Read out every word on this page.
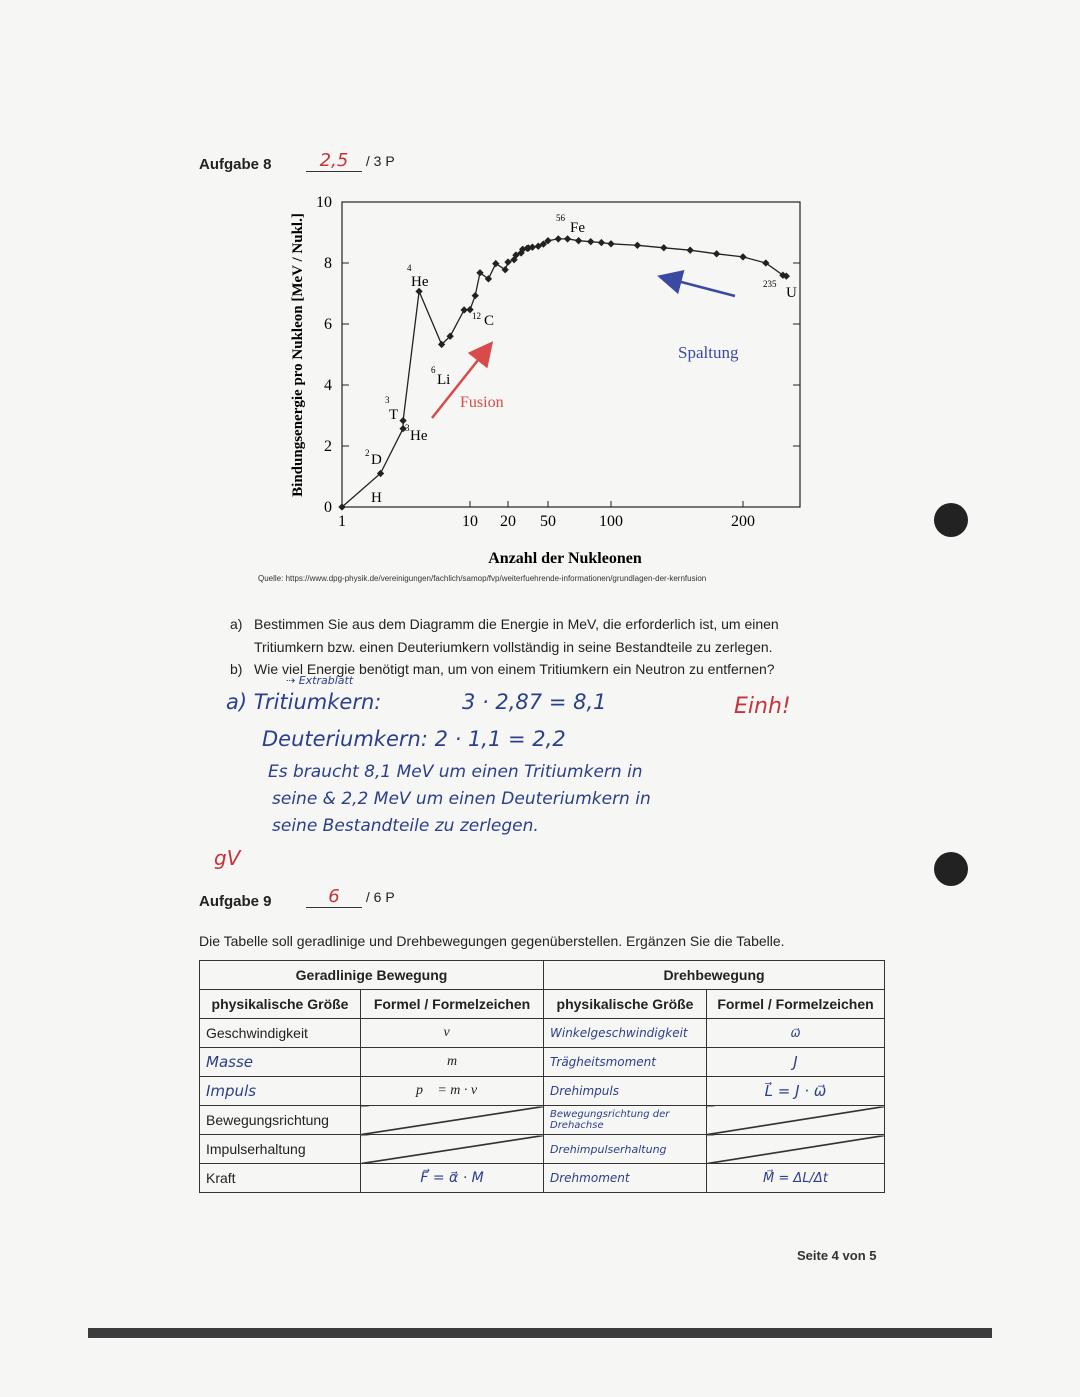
Aufgabe 8	2,5 / 3 P
0
2
4
6
8
10
1	10 20 50	100	200
Bindungsenergie pro Nukleon [MeV / Nukl.]
Anzahl der Nukleonen
H
2 D
3
T
3 He
4
He
6
Li
12 C
56
Fe
235
U
Fusion
Spaltung
Quelle: https://www.dpg-physik.de/vereinigungen/fachlich/samop/fvp/weiterfuehrende-informationen/grundlagen-der-kernfusion
a) Bestimmen Sie aus dem Diagramm die Energie in MeV, die erforderlich ist, um einen
Tritiumkern bzw. einen Deuteriumkern vollständig in seine Bestandteile zu zerlegen.
b) Wie viel Energie benötigt man, um von einem Tritiumkern ein Neutron zu entfernen?
⇢ Extrablatt
a) Tritiumkern:	3 · 2,87 = 8,1	Einh!
Deuteriumkern: 2 · 1,1 = 2,2
Es braucht 8,1 MeV um einen Tritiumkern in
seine & 2,2 MeV um einen Deuteriumkern in
seine Bestandteile zu zerlegen.
gV
Aufgabe 9	6 / 6 P
Die Tabelle soll geradlinige und Drehbewegungen gegenüberstellen. Ergänzen Sie die Tabelle.
Geradlinige Bewegung		Drehbewegung	
physikalische Größe	Formel / Formelzeichen	physikalische Größe	Formel / Formelzeichen
Geschwindigkeit	v⃗	Winkelgeschwindigkeit	ω⃗
Masse	m	Trägheitsmoment	J
Impuls	p⃗ = m · v⃗	Drehimpuls	L⃗ = J · ω⃗
Bewegungsrichtung		Bewegungsrichtung der Drehachse	
Impulserhaltung		Drehimpulserhaltung	
Kraft	F⃗ = α⃗ · M	Drehmoment	M⃗ = ΔL/Δt
Seite 4 von 5
